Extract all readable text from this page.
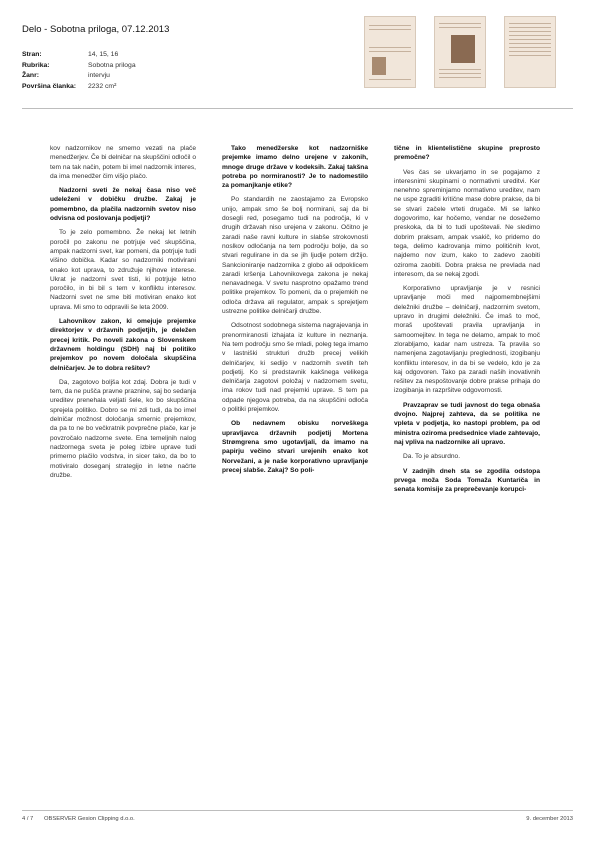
Delo - Sobotna priloga, 07.12.2013
Stran:	14, 15, 16
Rubrika:	Sobotna priloga
Žanr:	intervju
Površina članka:	2232 cm²

kov nadzornikov ne smemo vezati na plače menedžerjev. Če bi delničar na skupščini odločil o tem na tak način, potem bi imel nadzornik interes, da ima menedžer čim višjo plačo.

Nadzorni sveti že nekaj časa niso več udeleženi v dobičku družbe. Zakaj je pomembno, da plačila nadzornih svetov niso odvisna od poslovanja podjetji?

To je zelo pomembno. Že nekaj let letnih poročil po zakonu ne potrjuje več skupščina, ampak nadzorni svet, kar pomeni, da potrjuje tudi višino dobička. Kadar so nadzorniki motivirani enako kot uprava, to združuje njihove interese. Ukrat je nadzorni svet tisti, ki potrjuje letno poročilo, in bi bil s tem v konfliktu interesov. Nadzorni svet ne sme biti motiviran enako kot uprava. Mi smo to odpravili še leta 2009.

Lahovnikov zakon, ki omejuje prejemke direktorjev v državnih podjetjih, je deležen precej kritik. Po noveli zakona o Slovenskem državnem holdingu (SDH) naj bi politiko prejemkov po novem določala skupščina delničarjev. Je to dobra rešitev?

Da, zagotovo boljša kot zdaj. Dobra je tudi v tem, da ne pušča pravne praznine, saj bo sedanja ureditev prenehala veljati šele, ko bo skupščina sprejela politiko. Dobro se mi zdi tudi, da bo imel delničar možnost določanja smernic prejemkov, da pa to ne bo večkratnik povprečne plače, kar je povzročalo nadzorne svete. Ena temeljnih nalog nadzornega sveta je poleg izbire uprave tudi primerno plačilo vodstva, in sicer tako, da bo to motiviralo doseganj strategijo in letne načrte družbe.

Tako menedžerske kot nadzorniške prejemke imamo delno urejene v zakonih, mnoge druge države v kodeksih. Zakaj takšna potreba po normiranosti? Je to nadomestilo za pomanjkanje etike?

Po standardih ne zaostajamo za Evropsko unijo, ampak smo še bolj normirani, saj da bi dosegli red, posegamo tudi na področja, ki v drugih državah niso urejena v zakonu. Očitno je zaradi naše ravni kulture in slabše strokovnosti noslkov odločanja na tem področju bolje, da so stvari regulirane in da se jih ljudje potem držijo. Sankcioniranje nadzornika z globo ali odpoklicem zaradi kršenja Lahovnikovega zakona je nekaj nenavadnega. V svetu nasprotno opažamo trend politike prejemkov. To pomeni, da o prejemkih ne odloča država ali regulator, ampak s sprejetjem ustrezne politike delničarji družbe.

Odsotnost sodobnega sistema nagrajevanja in prenormiranosti izhajata iz kulture in neznanja. Na tem področju smo še mladi, poleg tega imamo v lastniški strukturi družb precej velikih delničarjev, ki sedijo v nadzornih svetih teh podjetij. Ko si predstavnik kakšnega velikega delničarja zagotovi položaj v nadzornem svetu, ima rokov tudi nad prejemki uprave. S tem pa odpade njegova potreba, da na skupščini odloča o politiki prejemkov.

Ob nedavnem obisku norveškega upravljavca državnih podjetij Mortena Strømgrena smo ugotavljali, da imamo na papirju večino stvari urejenih enako kot Norvežani, a je naše korporativno upravljanje precej slabše. Zakaj? So poli-

tične in klientelistične skupine preprosto premočne?

Ves čas se ukvarjamo in se pogajamo z interesnimi skupinami o normativni ureditvi. Ker nenehno spreminjamo normativno ureditev, nam ne uspe zgraditi kritične mase dobre prakse, da bi se stvari začele vrteti drugače. Mi se lahko dogovorimo, kar hočemo, vendar ne dosežemo preskoka, da bi to tudi upoštevali. Ne sledimo dobrim praksam, ampak vsakič, ko pridemo do tega, delimo kadrovanja mimo političnih kvot, najdemo nov izum, kako to zadevo zaobiti oziroma zaobiti. Dobra praksa ne prevlada nad interesom, da se nekaj zgodi.

Korporativno upravljanje je v resnici upravljanje moči med najpomembnejšimi deležniki družbe – delničarji, nadzornim svetom, upravo in drugimi deležniki. Če imaš to moč, moraš upoštevati pravila upravljanja in samoomejitev. In tega ne delamo, ampak to moč zlorabljamo, kadar nam ustreza. Ta pravila so namenjena zagotavljanju preglednosti, izogibanju konfliktu interesov, in da bi se vedelo, kdo je za kaj odgovoren. Tako pa zaradi naših inovativnih rešitev za nespoštovanje dobre prakse prihaja do izogibanja in razpršitve odgovornosti.

Pravzaprav se tudi javnost do tega obnaša dvojno. Najprej zahteva, da se politika ne vpleta v podjetja, ko nastopi problem, pa od ministra oziroma predsednice vlade zahtevajo, naj vpliva na nadzornike ali upravo.

Da. To je absurdno.

V zadnjih dneh sta se zgodila odstopa prvega moža Soda Tomaža Kuntariča in senata komisije za preprečevanje korupci-

4 / 7 OBSERVER Gesion Clipping d.o.o.	9. december 2013
